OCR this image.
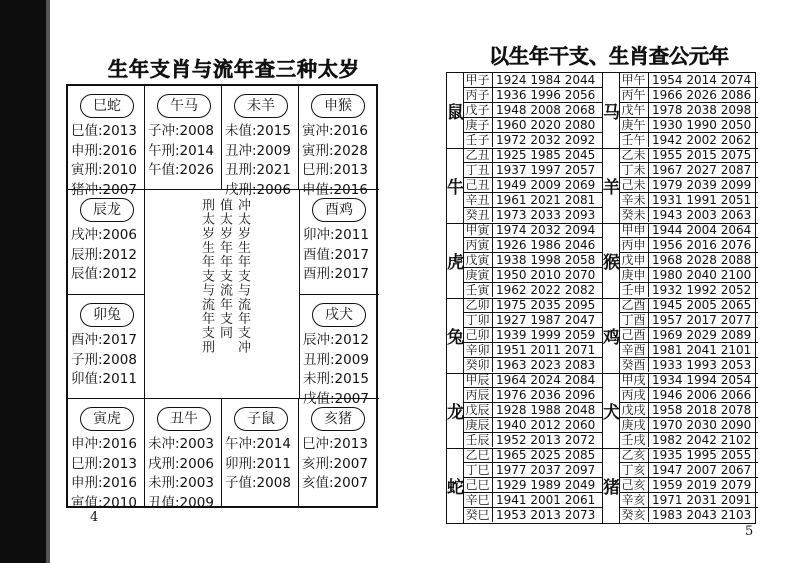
生年支肖与流年查三种太岁
巳蛇
巳值:2013
申刑:2016
寅刑:2010
猪冲:2007
午马
子冲:2008
午刑:2014
午值:2026
未羊
未值:2015
丑冲:2009
丑刑:2021
戌刑:2006
申猴
寅冲:2016
寅刑:2028
巳刑:2013
申值:2016
辰龙
戌冲:2006
辰刑:2012
辰值:2012
酉鸡
卯冲:2011
酉值:2017
酉刑:2017
卯兔
酉冲:2017
子刑:2008
卯值:2011
戌犬
辰冲:2012
丑刑:2009
未刑:2015
戌值:2007
寅虎
申冲:2016
巳刑:2013
申刑:2016
寅值:2010
丑牛
未冲:2003
戌刑:2006
未刑:2003
丑值:2009
子鼠
午冲:2014
卯刑:2011
子值:2008
亥猪
巳冲:2013
亥刑:2007
亥值:2007
刑太岁生年支与流年支刑 值太岁年年支流年支同 冲太岁生年支与流年支冲
4
以生年干支、生肖查公元年
鼠
甲子 1924 1984 2044
丙子 1936 1996 2056
戊子 1948 2008 2068
庚子 1960 2020 2080
壬子 1972 2032 2092
牛
乙丑 1925 1985 2045
丁丑 1937 1997 2057
己丑 1949 2009 2069
辛丑 1961 2021 2081
癸丑 1973 2033 2093
虎
甲寅 1974 2032 2094
丙寅 1926 1986 2046
戊寅 1938 1998 2058
庚寅 1950 2010 2070
壬寅 1962 2022 2082
兔
乙卯 1975 2035 2095
丁卯 1927 1987 2047
己卯 1939 1999 2059
辛卯 1951 2011 2071
癸卯 1963 2023 2083
龙
甲辰 1964 2024 2084
丙辰 1976 2036 2096
戊辰 1928 1988 2048
庚辰 1940 2012 2060
壬辰 1952 2013 2072
蛇
乙巳 1965 2025 2085
丁巳 1977 2037 2097
己巳 1929 1989 2049
辛巳 1941 2001 2061
癸巳 1953 2013 2073
马
甲午 1954 2014 2074
丙午 1966 2026 2086
戊午 1978 2038 2098
庚午 1930 1990 2050
壬午 1942 2002 2062
羊
乙未 1955 2015 2075
丁未 1967 2027 2087
己未 1979 2039 2099
辛未 1931 1991 2051
癸未 1943 2003 2063
猴
甲申 1944 2004 2064
丙申 1956 2016 2076
戊申 1968 2028 2088
庚申 1980 2040 2100
壬申 1932 1992 2052
鸡
乙酉 1945 2005 2065
丁酉 1957 2017 2077
己酉 1969 2029 2089
辛酉 1981 2041 2101
癸酉 1933 1993 2053
犬
甲戌 1934 1994 2054
丙戌 1946 2006 2066
戊戌 1958 2018 2078
庚戌 1970 2030 2090
壬戌 1982 2042 2102
猪
乙亥 1935 1995 2055
丁亥 1947 2007 2067
己亥 1959 2019 2079
辛亥 1971 2031 2091
癸亥 1983 2043 2103
5
